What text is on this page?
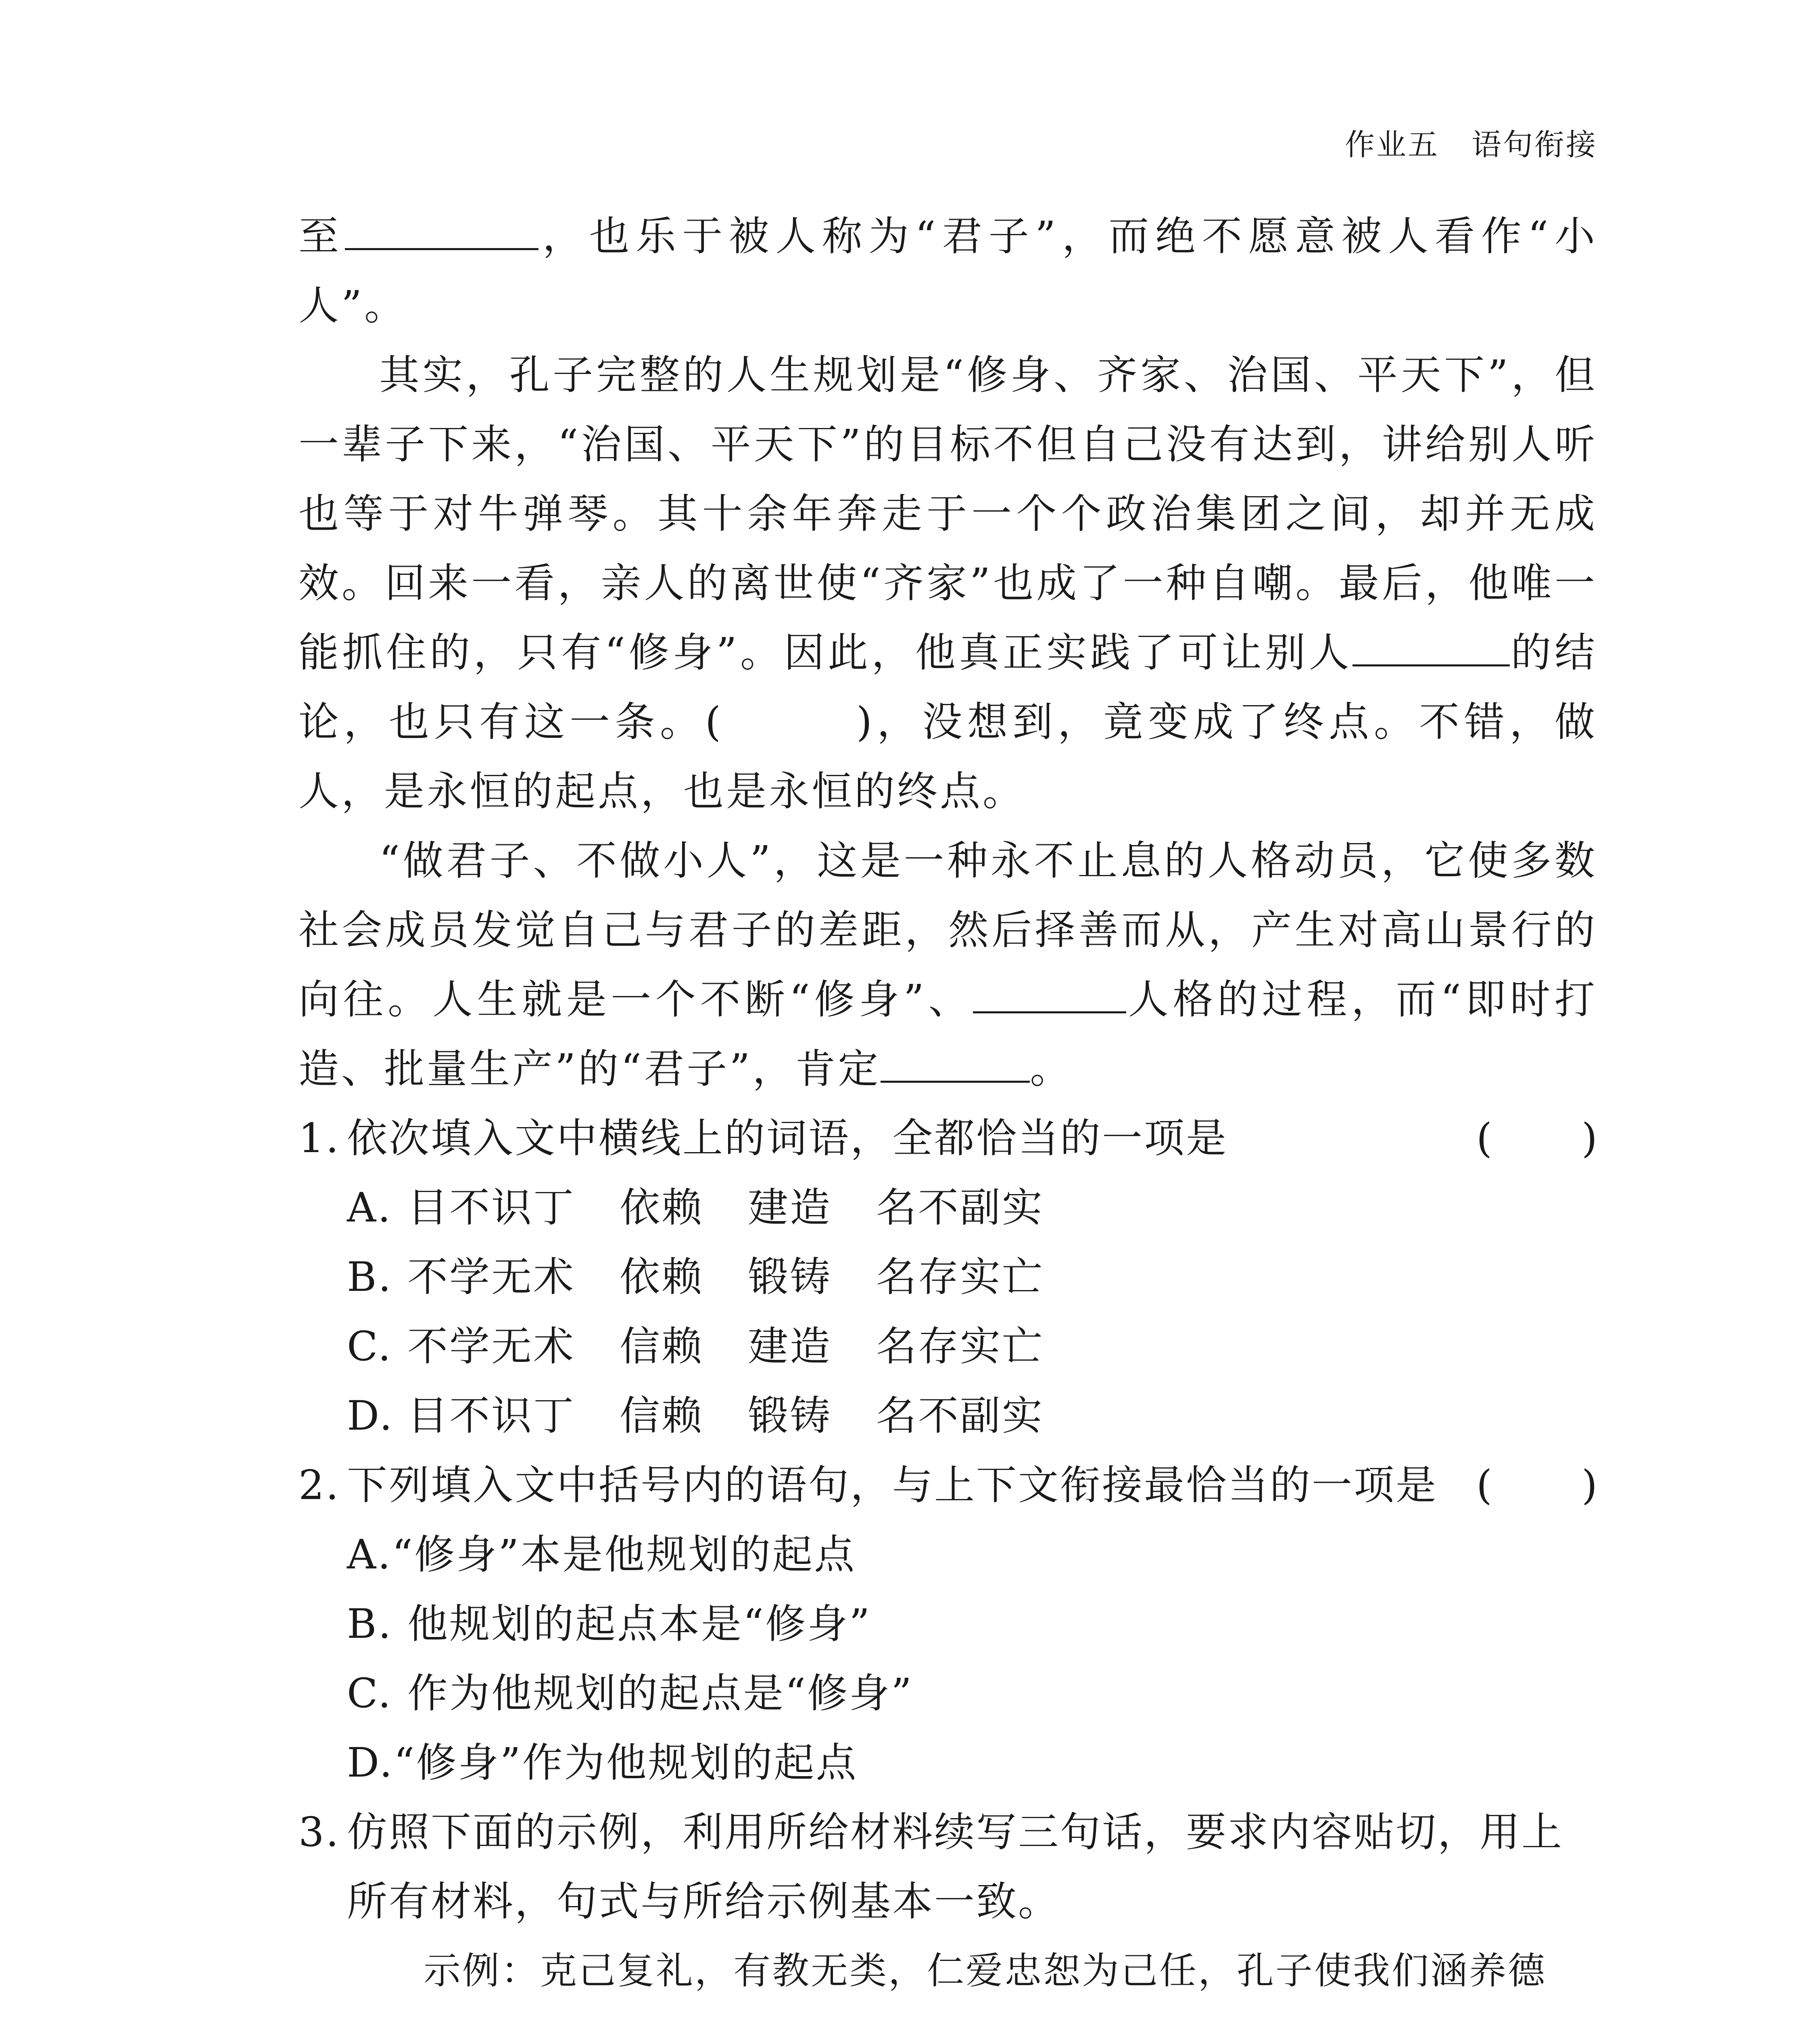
作业五 语句衔接

至	，也乐于被人称为“君子”，而绝不愿意被人看作“小人”。

其实，孔子完整的人生规划是“修身、齐家、治国、平天下”，但一辈子下来，“治国、平天下”的目标不但自己没有达到，讲给别人听也等于对牛弹琴。其十余年奔走于一个个政治集团之间，却并无成效。回来一看，亲人的离世使“齐家”也成了一种自嘲。最后，他唯一能抓住的，只有“修身”。因此，他真正实践了可让别人	的结论，也只有这一条。(	)，没想到，竟变成了终点。不错，做人，是永恒的起点，也是永恒的终点。

“做君子、不做小人”，这是一种永不止息的人格动员，它使多数社会成员发觉自己与君子的差距，然后择善而从，产生对高山景行的向往。人生就是一个不断“修身”、	人格的过程，而“即时打造、批量生产”的“君子”，肯定	。

1. 依次填入文中横线上的词语，全都恰当的一项是	( )

A. 目不识丁 依赖 建造 名不副实

B. 不学无术 依赖 锻铸 名存实亡

C. 不学无术 信赖 建造 名存实亡

D. 目不识丁 信赖 锻铸 名不副实

2. 下列填入文中括号内的语句，与上下文衔接最恰当的一项是 ( )

A.“修身”本是他规划的起点

B. 他规划的起点本是“修身”

C. 作为他规划的起点是“修身”

D.“修身”作为他规划的起点

3. 仿照下面的示例，利用所给材料续写三句话，要求内容贴切，用上所有材料，句式与所给示例基本一致。

示例：克己复礼，有教无类，仁爱忠恕为己任，孔子使我们涵养德
